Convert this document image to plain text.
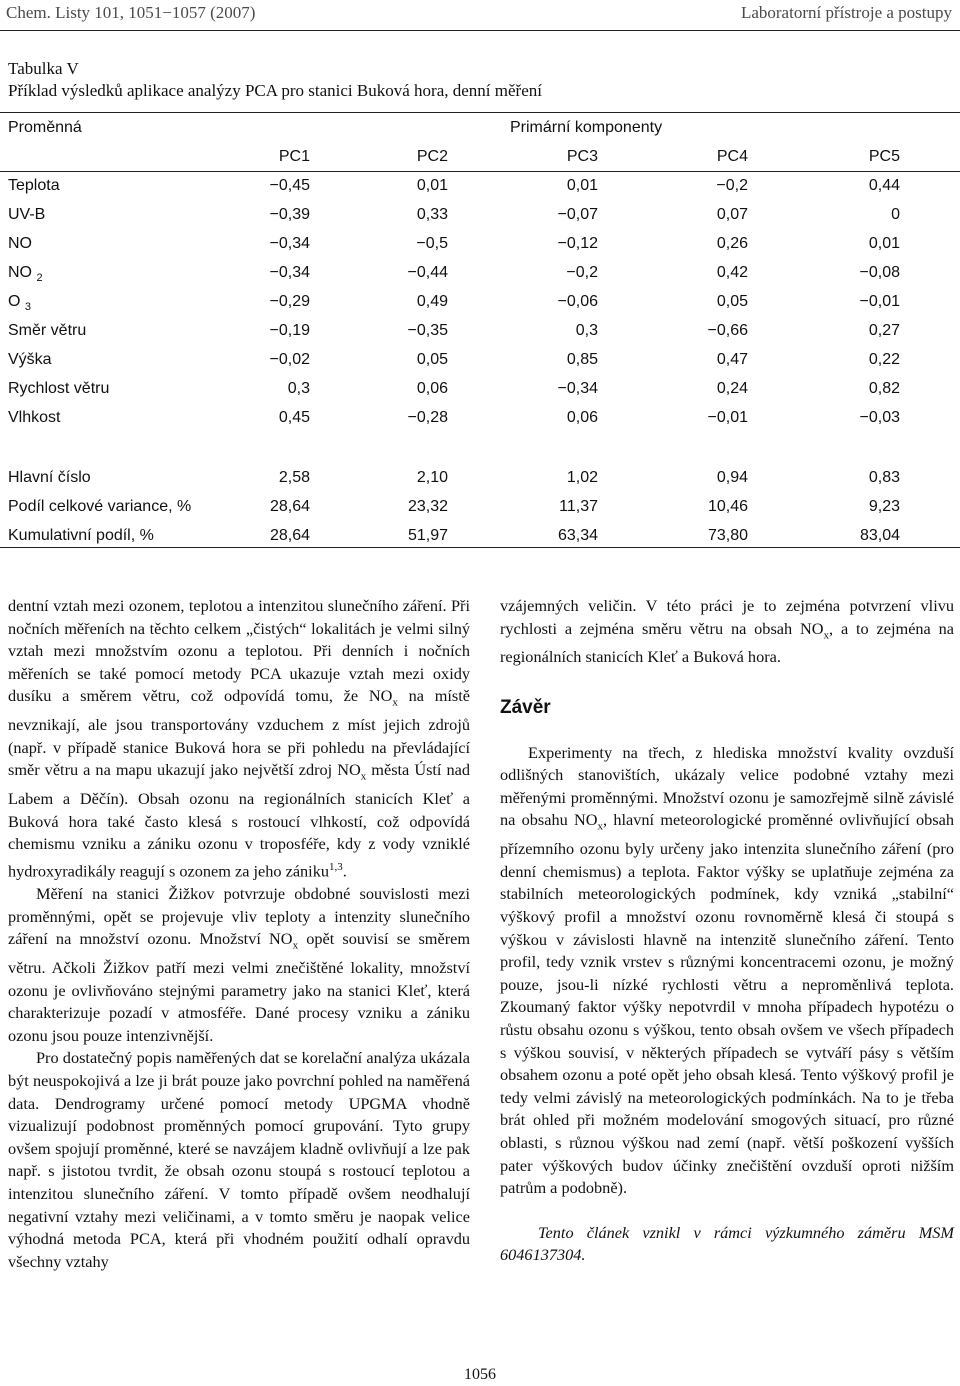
Chem. Listy 101, 1051−1057 (2007)	Laboratorní přístroje a postupy
Tabulka V
Příklad výsledků aplikace analýzy PCA pro stanici Buková hora, denní měření
Proměnná	Primární komponenty
PC1	PC2	PC3	PC4	PC5
Teplota	−0,45	0,01	0,01	−0,2	0,44
UV-B	−0,39	0,33	−0,07	0,07	0
NO	−0,34	−0,5	−0,12	0,26	0,01
NO $_2$	−0,34	−0,44	−0,2	0,42	−0,08
O $_3$	−0,29	0,49	−0,06	0,05	−0,01
Směr větru	−0,19	−0,35	0,3	−0,66	0,27
Výška	−0,02	0,05	0,85	0,47	0,22
Rychlost větru	0,3	0,06	−0,34	0,24	0,82
Vlhkost	0,45	−0,28	0,06	−0,01	−0,03
Hlavní číslo	2,58	2,10	1,02	0,94	0,83
Podíl celkové variance, %	28,64	23,32	11,37	10,46	9,23
Kumulativní podíl, %	28,64	51,97	63,34	73,80	83,04

dentní vztah mezi ozonem, teplotou a intenzitou slunečního záření. Při nočních měřeních na těchto celkem „čistých“ lokalitách je velmi silný vztah mezi množstvím ozonu a teplotou. Při denních i nočních měřeních se také pomocí metody PCA ukazuje vztah mezi oxidy dusíku a směrem větru, což odpovídá tomu, že $NO_x$ na místě nevznikají, ale jsou transportovány vzduchem z míst jejich zdrojů (např. v případě stanice Buková hora se při pohledu na převládající směr větru a na mapu ukazují jako největší zdroj $NO_x$ města Ústí nad Labem a Děčín). Obsah ozonu na regionálních stanicích Kleť a Buková hora také často klesá s rostoucí vlhkostí, což odpovídá chemismu vzniku a zániku ozonu v troposféře, kdy z vody vzniklé hydroxyradikály reagují s ozonem za jeho zániku$^{1,3}$.

Měření na stanici Žižkov potvrzuje obdobné souvislosti mezi proměnnými, opět se projevuje vliv teploty a intenzity slunečního záření na množství ozonu. Množství $NO_x$ opět souvisí se směrem větru. Ačkoli Žižkov patří mezi velmi znečištěné lokality, množství ozonu je ovlivňováno stejnými parametry jako na stanici Kleť, která charakterizuje pozadí v atmosféře. Dané procesy vzniku a zániku ozonu jsou pouze intenzivnější.

Pro dostatečný popis naměřených dat se korelační analýza ukázala být neuspokojivá a lze ji brát pouze jako povrchní pohled na naměřená data. Dendrogramy určené pomocí metody UPGMA vhodně vizualizují podobnost proměnných pomocí grupování. Tyto grupy ovšem spojují proměnné, které se navzájem kladně ovlivňují a lze pak např. s jistotou tvrdit, že obsah ozonu stoupá s rostoucí teplotou a intenzitou slunečního záření. V tomto případě ovšem neodhalují negativní vztahy mezi veličinami, a v tomto směru je naopak velice výhodná metoda PCA, která při vhodném použití odhalí opravdu všechny vztahy

vzájemných veličin. V této práci je to zejména potvrzení vlivu rychlosti a zejména směru větru na obsah $NO_x$, a to zejména na regionálních stanicích Kleť a Buková hora.

Závěr

Experimenty na třech, z hlediska množství kvality ovzduší odlišných stanovištích, ukázaly velice podobné vztahy mezi měřenými proměnnými. Množství ozonu je samozřejmě silně závislé na obsahu $NO_x$, hlavní meteorologické proměnné ovlivňující obsah přízemního ozonu byly určeny jako intenzita slunečního záření (pro denní chemismus) a teplota. Faktor výšky se uplatňuje zejména za stabilních meteorologických podmínek, kdy vzniká „stabilní“ výškový profil a množství ozonu rovnoměrně klesá či stoupá s výškou v závislosti hlavně na intenzitě slunečního záření. Tento profil, tedy vznik vrstev s různými koncentracemi ozonu, je možný pouze, jsou-li nízké rychlosti větru a neproměnlivá teplota. Zkoumaný faktor výšky nepotvrdil v mnoha případech hypotézu o růstu obsahu ozonu s výškou, tento obsah ovšem ve všech případech s výškou souvisí, v některých případech se vytváří pásy s větším obsahem ozonu a poté opět jeho obsah klesá. Tento výškový profil je tedy velmi závislý na meteorologických podmínkách. Na to je třeba brát ohled při možném modelování smogových situací, pro různé oblasti, s různou výškou nad zemí (např. větší poškození vyšších pater výškových budov účinky znečištění ovzduší oproti nižším patrům a podobně).

Tento článek vznikl v rámci výzkumného záměru MSM 6046137304.

1056
